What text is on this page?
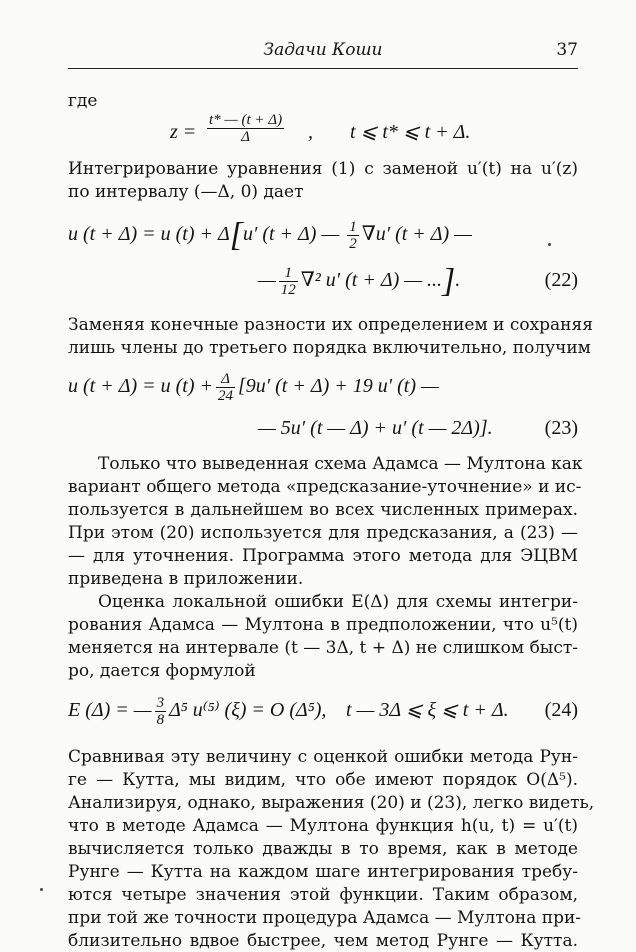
Задачи Коши	37
где
$z = \frac{t* — (t + \Delta)}{\Delta}$ , t ⩽ t* ⩽ t + Δ.
Интегрирование уравнения (1) с заменой u′(t) на u′(z)
по интервалу (—Δ, 0) дает
u (t + Δ) = u (t) + Δ[u′ (t + Δ) — $\frac{1}{2} \nabla u'$ (t + Δ) —
— $\frac{1}{12} \nabla^2$ u′ (t + Δ) — ...].	(22)
Заменяя конечные разности их определением и сохраняя
лишь члены до третьего порядка включительно, получим
u (t + Δ) = u $(t) + \frac{\Delta}{24} [9u'$ (t + Δ) + 19 u′ (t) —
— 5u′ (t — Δ) + u′ (t — 2Δ)].	(23)
Только что выведенная схема Адамса — Мултона как
вариант общего метода «предсказание-уточнение» и ис-
пользуется в дальнейшем во всех численных примерах.
При этом (20) используется для предсказания, а (23) —
— для уточнения. Программа этого метода для ЭЦВМ
приведена в приложении.
Оценка локальной ошибки E(Δ) для схемы интегри-
рования Адамса — Мултона в предположении, что u⁵(t)
меняется на интервале (t — 3Δ, t + Δ) не слишком быст-
ро, дается формулой
E (Δ) = — $\frac{3}{8} \Delta^5$ u⁽⁵⁾ (ξ) = O (Δ⁵), t — 3Δ ⩽ ξ ⩽ t + Δ. (24)
Сравнивая эту величину с оценкой ошибки метода Рун-
ге — Кутта, мы видим, что обе имеют порядок O(Δ⁵).
Анализируя, однако, выражения (20) и (23), легко видеть,
что в методе Адамса — Мултона функция h(u, t) = u′(t)
вычисляется только дважды в то время, как в методе
Рунге — Кутта на каждом шаге интегрирования требу-
ются четыре значения этой функции. Таким образом,
при той же точности процедура Адамса — Мултона при-
близительно вдвое быстрее, чем метод Рунге — Кутта.
